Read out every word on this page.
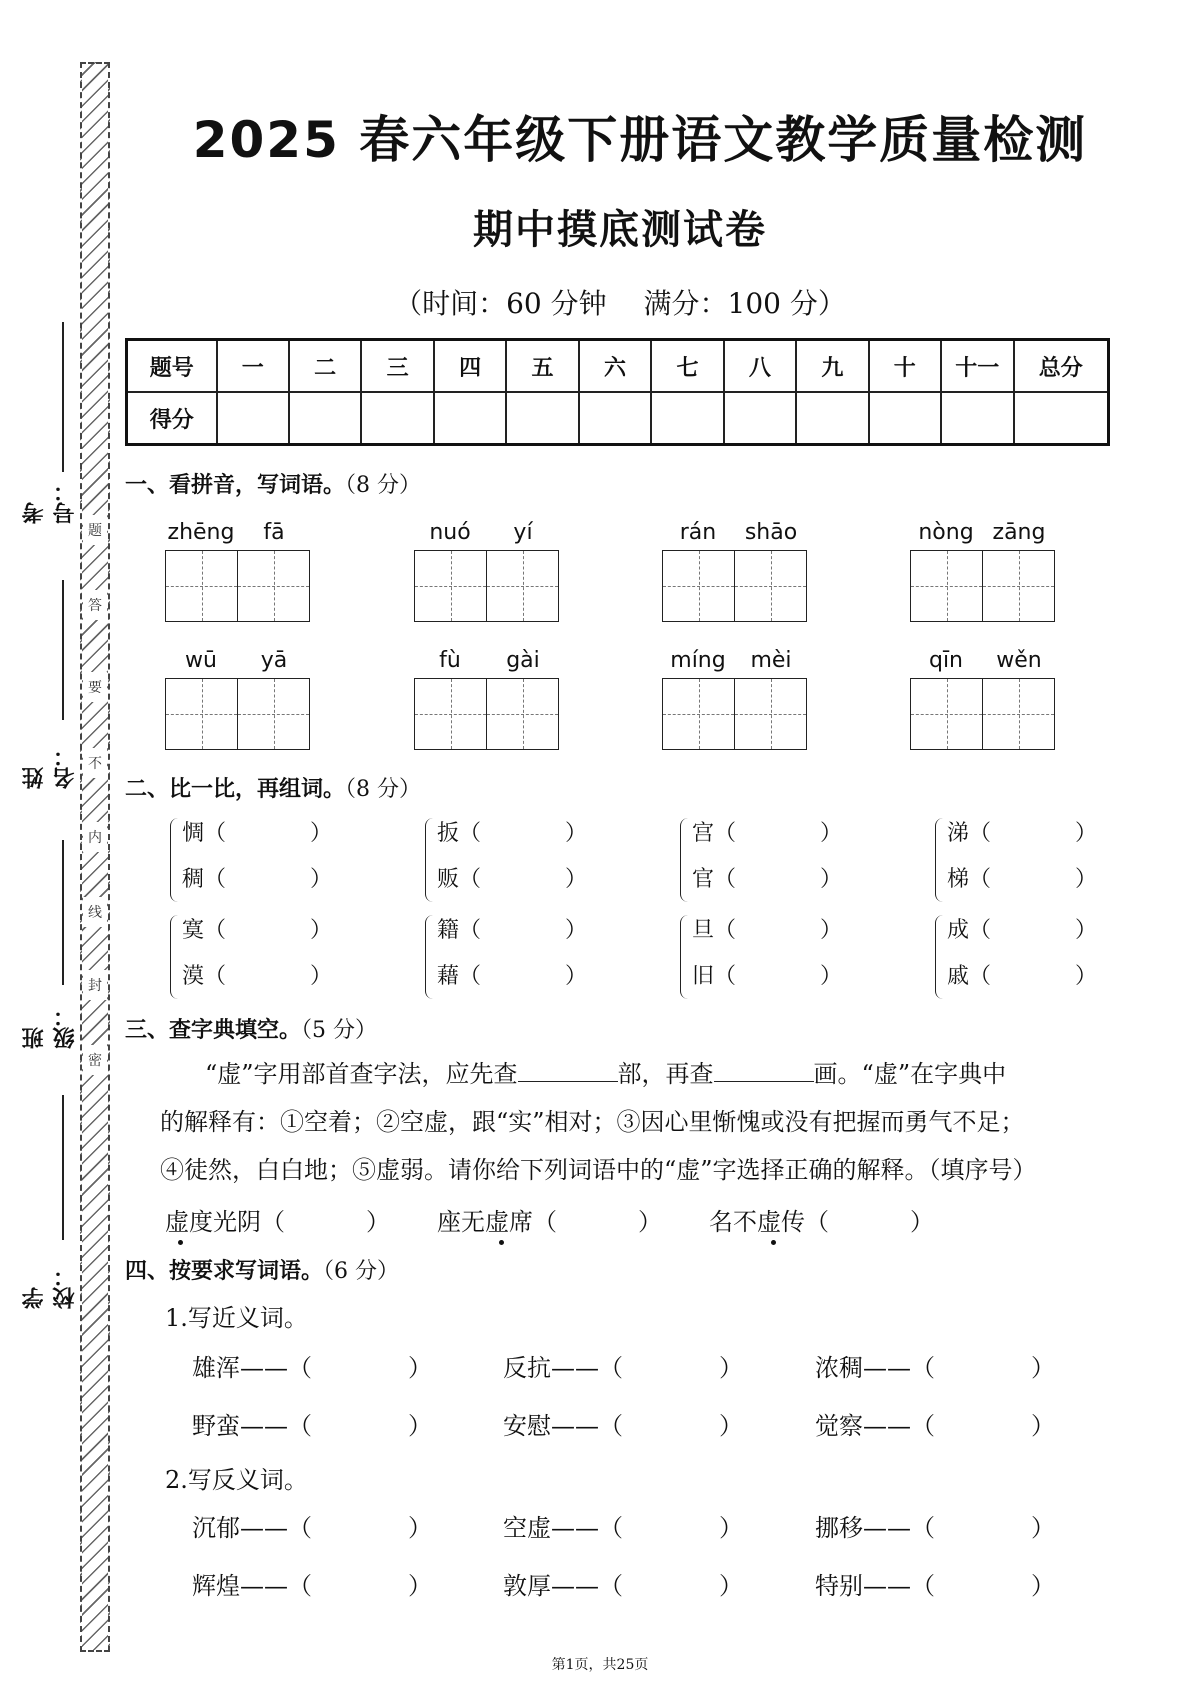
题
答
要
不
内
线
封
密
考号：
姓名：
班级：
学校：
2025 春六年级下册语文教学质量检测
期中摸底测试卷
（时间：60 分钟　 满分：100 分）
题号	一	二	三	四	五	六	七	八	九	十	十一	总分
得分												
一、看拼音，写词语。（8 分）
zhēng	fā	nuó	yí	rán	shāo	nòng zāng
wū	yā	fù	gài	míng	mèi	qīn	wěn
二、比一比，再组词。（8 分）
惆（	）
稠（	）
扳（	）
贩（	）
宫（	）
官（	）
涕（	）
梯（	）
寞（	）
漠（	）
籍（	）
藉（	）
旦（	）
旧（	）
成（	）
戚（	）
三、查字典填空。（5 分）
“虚”字用部首查字法，应先查	部，再查	画。“虚”在字典中
的解释有：①空着；②空虚，跟“实”相对；③因心里惭愧或没有把握而勇气不足；
④徒然，白白地；⑤虚弱。请你给下列词语中的“虚”字选择正确的解释。（填序号）
虚度光阴（	） 座无虚席（	） 名不虚传（	）
四、按要求写词语。（6 分）
1.写近义词。
雄浑——（	）	反抗——（	）	浓稠——（	）
野蛮——（	）	安慰——（	）	觉察——（	）
2.写反义词。
沉郁——（	）	空虚——（	）	挪移——（	）
辉煌——（	）	敦厚——（	）	特别——（	）
第1页，共25页
